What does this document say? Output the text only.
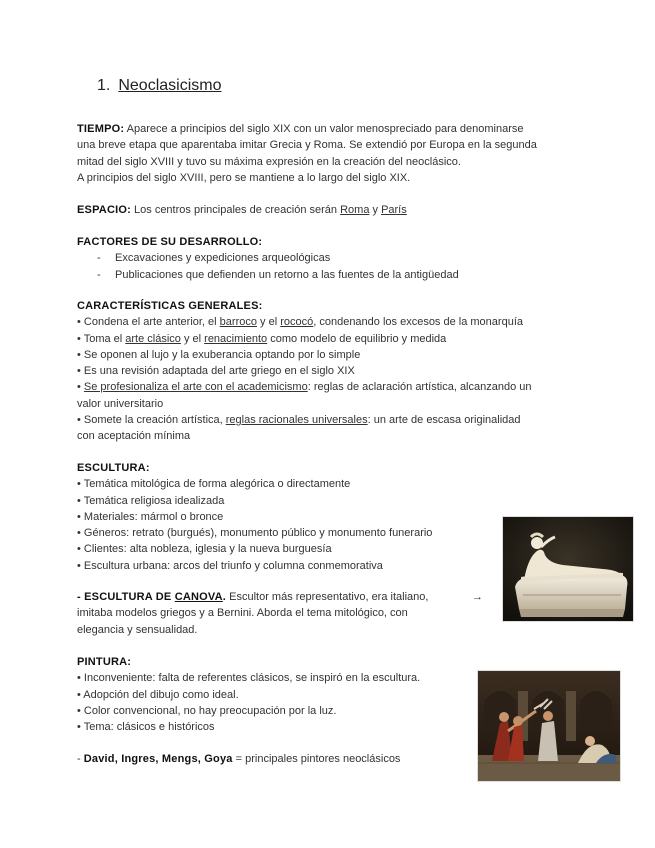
1. Neoclasicismo
TIEMPO: Aparece a principios del siglo XIX con un valor menospreciado para denominarse
una breve etapa que aparentaba imitar Grecia y Roma. Se extendió por Europa en la segunda
mitad del siglo XVIII y tuvo su máxima expresión en la creación del neoclásico.
A principios del siglo XVIII, pero se mantiene a lo largo del siglo XIX.
ESPACIO: Los centros principales de creación serán Roma y París
FACTORES DE SU DESARROLLO:
- Excavaciones y expediciones arqueológicas
- Publicaciones que defienden un retorno a las fuentes de la antigüedad
CARACTERÍSTICAS GENERALES:
• Condena el arte anterior, el barroco y el rococó, condenando los excesos de la monarquía
• Toma el arte clásico y el renacimiento como modelo de equilibrio y medida
• Se oponen al lujo y la exuberancia optando por lo simple
• Es una revisión adaptada del arte griego en el siglo XIX
• Se profesionaliza el arte con el academicismo: reglas de aclaración artística, alcanzando un
valor universitario
• Somete la creación artística, reglas racionales universales: un arte de escasa originalidad
con aceptación mínima
ESCULTURA:
• Temática mitológica de forma alegórica o directamente
• Temática religiosa idealizada
• Materiales: mármol o bronce
• Géneros: retrato (burgués), monumento público y monumento funerario
• Clientes: alta nobleza, iglesia y la nueva burguesía
• Escultura urbana: arcos del triunfo y columna conmemorativa
- ESCULTURA DE CANOVA. Escultor más representativo, era italiano,	→
imitaba modelos griegos y a Bernini. Aborda el tema mitológico, con
elegancia y sensualidad.
PINTURA:
• Inconveniente: falta de referentes clásicos, se inspiró en la escultura.
• Adopción del dibujo como ideal.
• Color convencional, no hay preocupación por la luz.
• Tema: clásicos e históricos
- David, Ingres, Mengs, Goya = principales pintores neoclásicos
